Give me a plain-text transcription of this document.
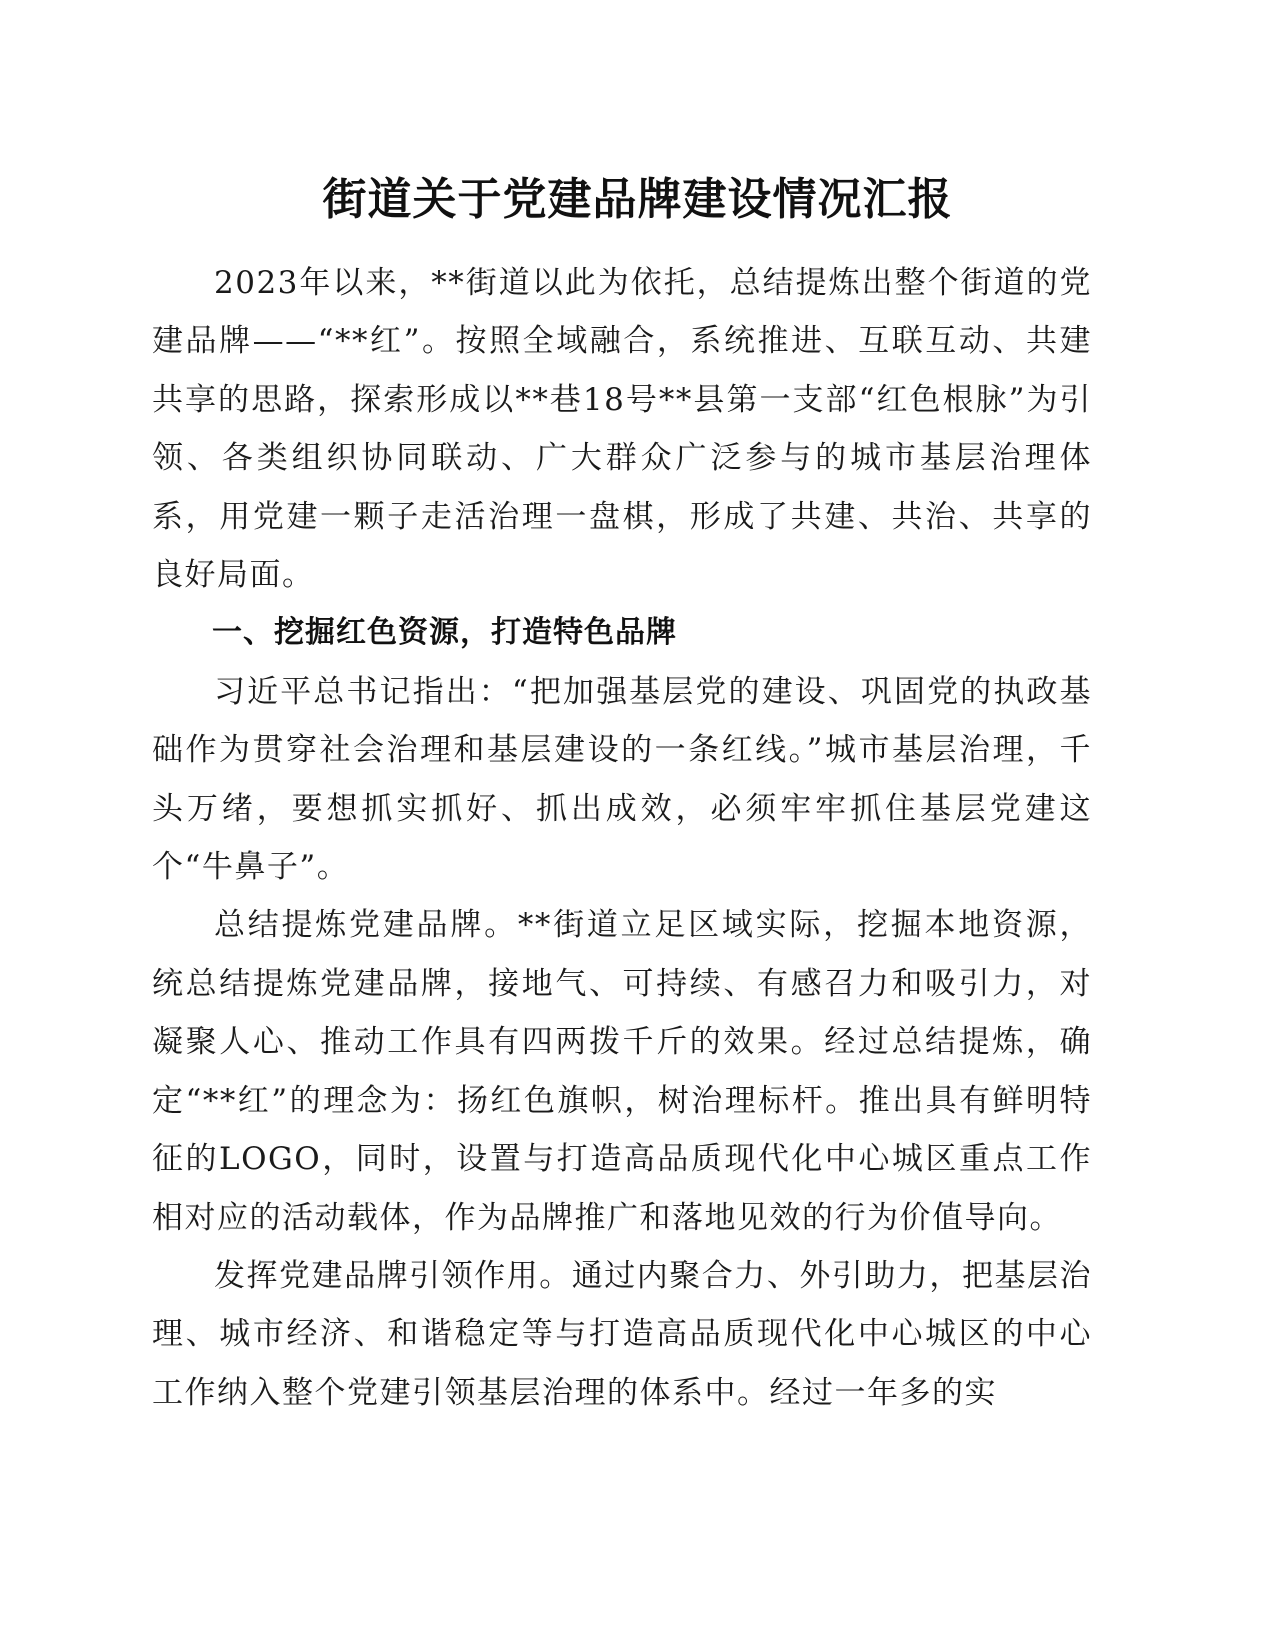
街道关于党建品牌建设情况汇报

2023年以来，**街道以此为依托，总结提炼出整个街道的党建品牌——“**红”。按照全域融合，系统推进、互联互动、共建共享的思路，探索形成以**巷18号**县第一支部“红色根脉”为引领、各类组织协同联动、广大群众广泛参与的城市基层治理体系，用党建一颗子走活治理一盘棋，形成了共建、共治、共享的良好局面。

一、挖掘红色资源，打造特色品牌

习近平总书记指出：“把加强基层党的建设、巩固党的执政基础作为贯穿社会治理和基层建设的一条红线。”城市基层治理，千头万绪，要想抓实抓好、抓出成效，必须牢牢抓住基层党建这个“牛鼻子”。

总结提炼党建品牌。**街道立足区域实际，挖掘本地资源，统总结提炼党建品牌，接地气、可持续、有感召力和吸引力，对凝聚人心、推动工作具有四两拨千斤的效果。经过总结提炼，确定“**红”的理念为：扬红色旗帜，树治理标杆。推出具有鲜明特征的LOGO，同时，设置与打造高品质现代化中心城区重点工作相对应的活动载体，作为品牌推广和落地见效的行为价值导向。

发挥党建品牌引领作用。通过内聚合力、外引助力，把基层治理、城市经济、和谐稳定等与打造高品质现代化中心城区的中心工作纳入整个党建引领基层治理的体系中。经过一年多的实
